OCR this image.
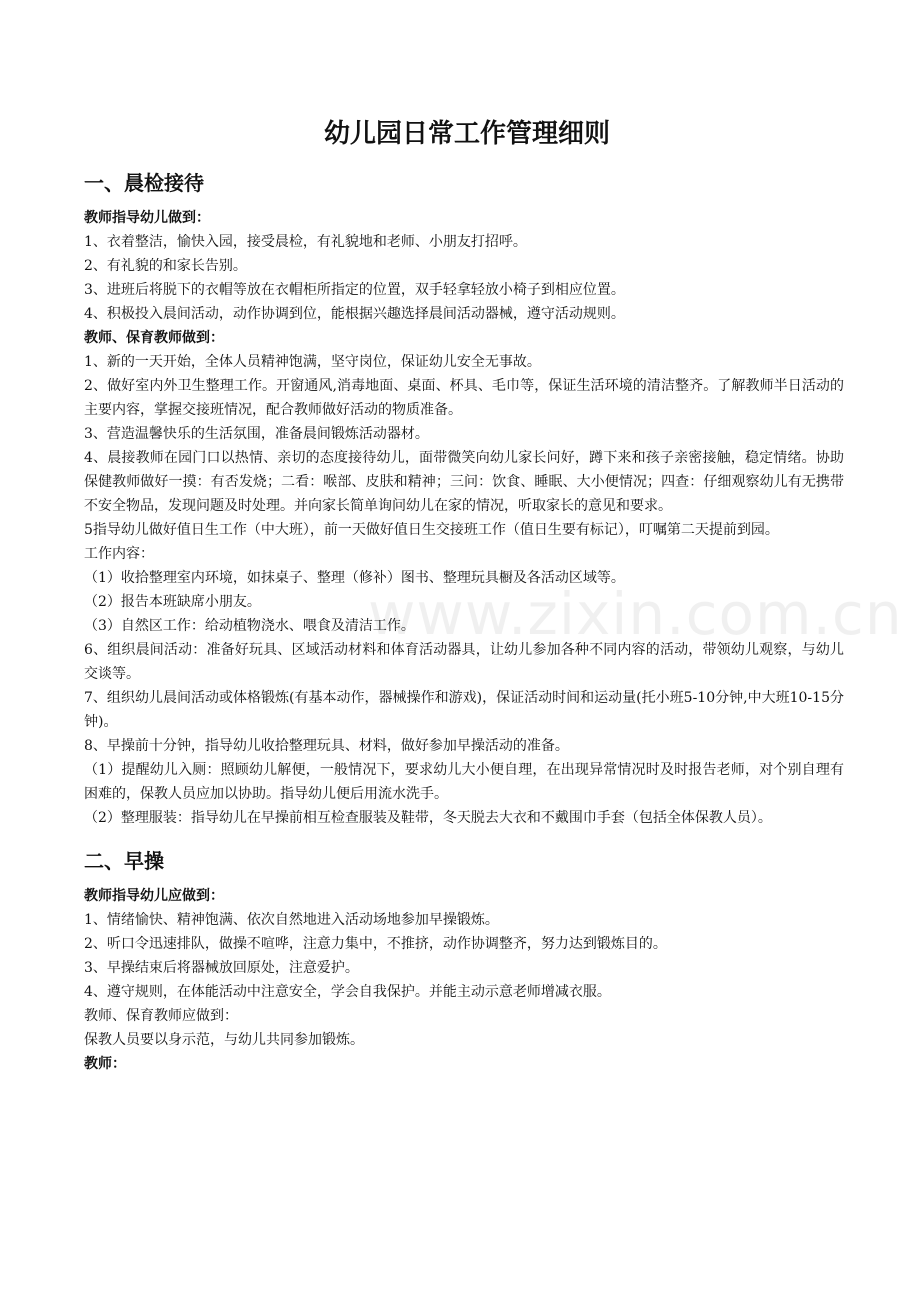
www.zixin.com.cn
幼儿园日常工作管理细则
一、晨检接待

教师指导幼儿做到：

1、衣着整洁，愉快入园，接受晨检，有礼貌地和老师、小朋友打招呼。

2、有礼貌的和家长告别。

3、进班后将脱下的衣帽等放在衣帽柜所指定的位置，双手轻拿轻放小椅子到相应位置。

4、积极投入晨间活动，动作协调到位，能根据兴趣选择晨间活动器械，遵守活动规则。

教师、保育教师做到：

1、新的一天开始，全体人员精神饱满，坚守岗位，保证幼儿安全无事故。

2、做好室内外卫生整理工作。开窗通风,消毒地面、桌面、杯具、毛巾等，保证生活环境的清洁整齐。了解教师半日活动的主要内容，掌握交接班情况，配合教师做好活动的物质准备。

3、营造温馨快乐的生活氛围，准备晨间锻炼活动器材。

4、晨接教师在园门口以热情、亲切的态度接待幼儿，面带微笑向幼儿家长问好，蹲下来和孩子亲密接触，稳定情绪。协助保健教师做好一摸：有否发烧；二看：喉部、皮肤和精神；三问：饮食、睡眠、大小便情况；四查：仔细观察幼儿有无携带不安全物品，发现问题及时处理。并向家长简单询问幼儿在家的情况，听取家长的意见和要求。

5指导幼儿做好值日生工作（中大班），前一天做好值日生交接班工作（值日生要有标记），叮嘱第二天提前到园。

工作内容：

（1）收拾整理室内环境，如抹桌子、整理（修补）图书、整理玩具橱及各活动区域等。

（2）报告本班缺席小朋友。

（3）自然区工作：给动植物浇水、喂食及清洁工作。

6、组织晨间活动：准备好玩具、区域活动材料和体育活动器具，让幼儿参加各种不同内容的活动，带领幼儿观察，与幼儿交谈等。

7、组织幼儿晨间活动或体格锻炼(有基本动作，器械操作和游戏)，保证活动时间和运动量(托小班5-10分钟,中大班10-15分钟)。

8、早操前十分钟，指导幼儿收拾整理玩具、材料，做好参加早操活动的准备。

（1）提醒幼儿入厕：照顾幼儿解便，一般情况下，要求幼儿大小便自理，在出现异常情况时及时报告老师，对个别自理有困难的，保教人员应加以协助。指导幼儿便后用流水洗手。

（2）整理服装：指导幼儿在早操前相互检查服装及鞋带，冬天脱去大衣和不戴围巾手套（包括全体保教人员）。

二、早操

教师指导幼儿应做到：

1、情绪愉快、精神饱满、依次自然地进入活动场地参加早操锻炼。

2、听口令迅速排队，做操不喧哗，注意力集中，不推挤，动作协调整齐，努力达到锻炼目的。

3、早操结束后将器械放回原处，注意爱护。

4、遵守规则，在体能活动中注意安全，学会自我保护。并能主动示意老师增减衣服。

教师、保育教师应做到：

保教人员要以身示范，与幼儿共同参加锻炼。

教师：
